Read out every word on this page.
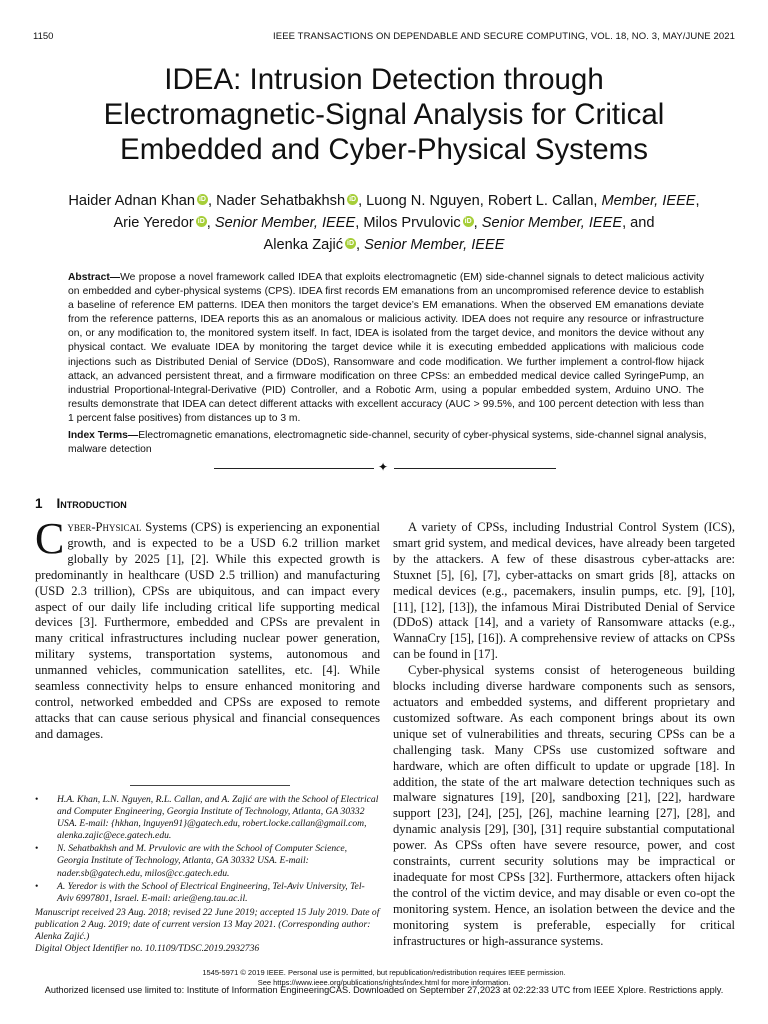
1150	IEEE TRANSACTIONS ON DEPENDABLE AND SECURE COMPUTING, VOL. 18, NO. 3, MAY/JUNE 2021
IDEA: Intrusion Detection through
Electromagnetic-Signal Analysis for Critical
Embedded and Cyber-Physical Systems
Haider Adnan Khan iD , Nader Sehatbakhsh iD , Luong N. Nguyen, Robert L. Callan, Member, IEEE,
Arie Yeredor iD , Senior Member, IEEE, Milos Prvulovic iD , Senior Member, IEEE, and
Alenka Zajić iD , Senior Member, IEEE
Abstract—We propose a novel framework called IDEA that exploits electromagnetic (EM) side-channel signals to detect malicious activity on embedded and cyber-physical systems (CPS). IDEA first records EM emanations from an uncompromised reference device to establish a baseline of reference EM patterns. IDEA then monitors the target device’s EM emanations. When the observed EM emanations deviate from the reference patterns, IDEA reports this as an anomalous or malicious activity. IDEA does not require any resource or infrastructure on, or any modification to, the monitored system itself. In fact, IDEA is isolated from the target device, and monitors the device without any physical contact. We evaluate IDEA by monitoring the target device while it is executing embedded applications with malicious code injections such as Distributed Denial of Service (DDoS), Ransomware and code modification. We further implement a control-flow hijack attack, an advanced persistent threat, and a firmware modification on three CPSs: an embedded medical device called SyringePump, an industrial Proportional-Integral-Derivative (PID) Controller, and a Robotic Arm, using a popular embedded system, Arduino UNO. The results demonstrate that IDEA can detect different attacks with excellent accuracy (AUC > 99.5%, and 100 percent detection with less than 1 percent false positives) from distances up to 3 m.
Index Terms—Electromagnetic emanations, electromagnetic side-channel, security of cyber-physical systems, side-channel signal analysis, malware detection
✦
1 Introduction

Cyber-Physical Systems (CPS) is experiencing an exponential growth, and is expected to be a USD 6.2 trillion market globally by 2025 [1], [2]. While this expected growth is predominantly in healthcare (USD 2.5 trillion) and manufacturing (USD 2.3 trillion), CPSs are ubiquitous, and can impact every aspect of our daily life including critical life supporting medical devices [3]. Furthermore, embedded and CPSs are prevalent in many critical infrastructures including nuclear power generation, military systems, transportation systems, autonomous and unmanned vehicles, communication satellites, etc. [4]. While seamless connectivity helps to ensure enhanced monitoring and control, networked embedded and CPSs are exposed to remote attacks that can cause serious physical and financial consequences and damages.

A variety of CPSs, including Industrial Control System (ICS), smart grid system, and medical devices, have already been targeted by the attackers. A few of these disastrous cyber-attacks are: Stuxnet [5], [6], [7], cyber-attacks on smart grids [8], attacks on medical devices (e.g., pacemakers, insulin pumps, etc. [9], [10], [11], [12], [13]), the infamous Mirai Distributed Denial of Service (DDoS) attack [14], and a variety of Ransomware attacks (e.g., WannaCry [15], [16]). A comprehensive review of attacks on CPSs can be found in [17].

Cyber-physical systems consist of heterogeneous building blocks including diverse hardware components such as sensors, actuators and embedded systems, and different proprietary and customized software. As each component brings about its own unique set of vulnerabilities and threats, securing CPSs can be a challenging task. Many CPSs use customized software and hardware, which are often difficult to update or upgrade [18]. In addition, the state of the art malware detection techniques such as malware signatures [19], [20], sandboxing [21], [22], hardware support [23], [24], [25], [26], machine learning [27], [28], and dynamic analysis [29], [30], [31] require substantial computational power. As CPSs often have severe resource, power, and cost constraints, current security solutions may be impractical or inadequate for most CPSs [32]. Furthermore, attackers often hijack the control of the victim device, and may disable or even co-opt the monitoring system. Hence, an isolation between the device and the monitoring system is preferable, especially for critical infrastructures or high-assurance systems.

• H.A. Khan, L.N. Nguyen, R.L. Callan, and A. Zajić are with the School of Electrical and Computer Engineering, Georgia Institute of Technology, Atlanta, GA 30332 USA. E-mail: {hkhan, lnguyen91}@gatech.edu, robert.locke.callan@gmail.com, alenka.zajic@ece.gatech.edu.
• N. Sehatbakhsh and M. Prvulovic are with the School of Computer Science, Georgia Institute of Technology, Atlanta, GA 30332 USA. E-mail: nader.sb@gatech.edu, milos@cc.gatech.edu.
• A. Yeredor is with the School of Electrical Engineering, Tel-Aviv University, Tel-Aviv 6997801, Israel. E-mail: arie@eng.tau.ac.il.
Manuscript received 23 Aug. 2018; revised 22 June 2019; accepted 15 July 2019. Date of publication 2 Aug. 2019; date of current version 13 May 2021. (Corresponding author: Alenka Zajić.)
Digital Object Identifier no. 10.1109/TDSC.2019.2932736
1545-5971 © 2019 IEEE. Personal use is permitted, but republication/redistribution requires IEEE permission.
See https://www.ieee.org/publications/rights/index.html for more information.
Authorized licensed use limited to: Institute of Information EngineeringCAS. Downloaded on September 27,2023 at 02:22:33 UTC from IEEE Xplore. Restrictions apply.
